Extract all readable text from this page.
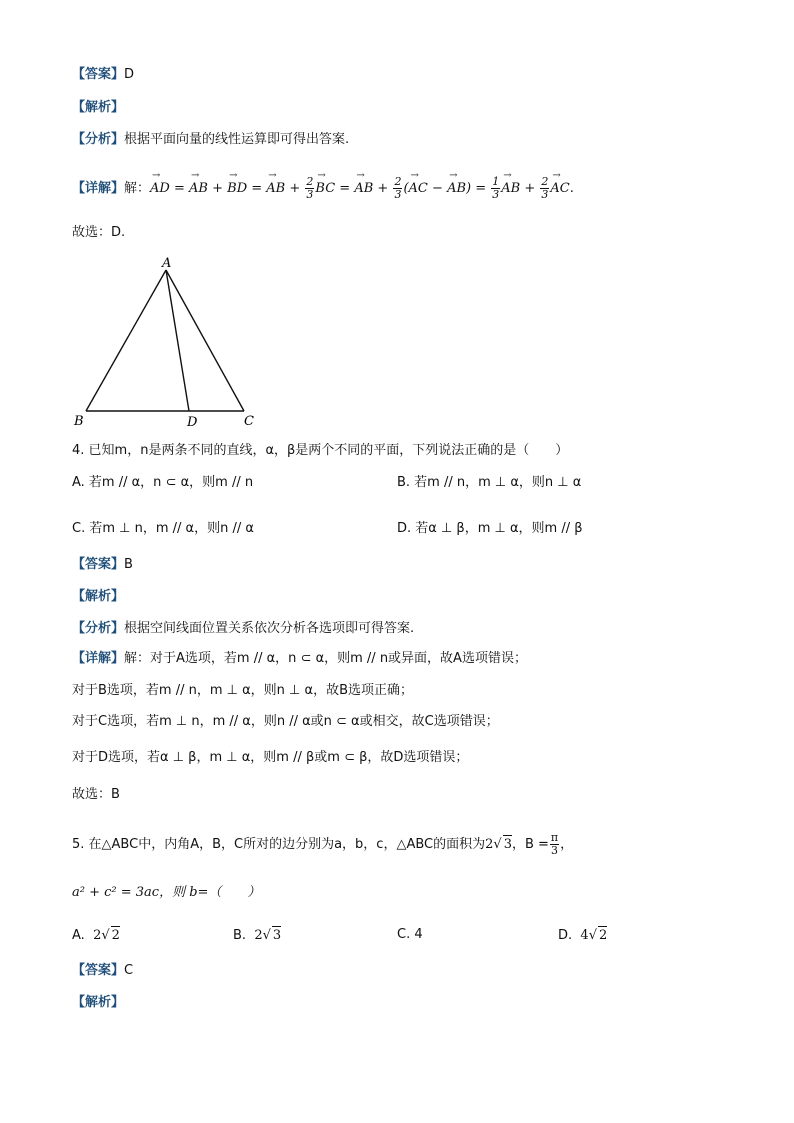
【答案】D
【解析】
【分析】根据平面向量的线性运算即可得出答案.
【详解】解：→ AD = → AB + → BD = → AB + $\frac{2}{3}$ → BC = → AB + $\frac{2}{3}$ (→ AC − → $AB) = \frac{1}{3}$ → AB + $\frac{2}{3}$ → AC.
故选：D.
A
B	D	C
4. 已知m，n是两条不同的直线，α，β是两个不同的平面，下列说法正确的是（　　）
A. 若m // α，n ⊂ α，则m // n	B. 若m // n，m ⊥ α，则n ⊥ α
C. 若m ⊥ n，m // α，则n // α	D. 若α ⊥ β，m ⊥ α，则m // β
【答案】B
【解析】
【分析】根据空间线面位置关系依次分析各选项即可得答案.
【详解】解：对于A选项，若m // α，n ⊂ α，则m // n或异面，故A选项错误；
对于B选项，若m // n，m ⊥ α，则n ⊥ α，故B选项正确；
对于C选项，若m ⊥ n，m // α，则n // α或n ⊂ α或相交，故C选项错误；
对于D选项，若α ⊥ β，m ⊥ α，则m // β或m ⊂ β，故D选项错误；
故选：B
5. 在△ABC中，内角A，B，C所对的边分别为a，b，c，△ABC的面积为2√ 3，$B = \frac{\pi}{3}$ ，
a² + c² = 3ac，则 b=（　　）
A. 2√ 2	B. 2√ 3	C. 4	D. 4√ 2
【答案】C
【解析】
